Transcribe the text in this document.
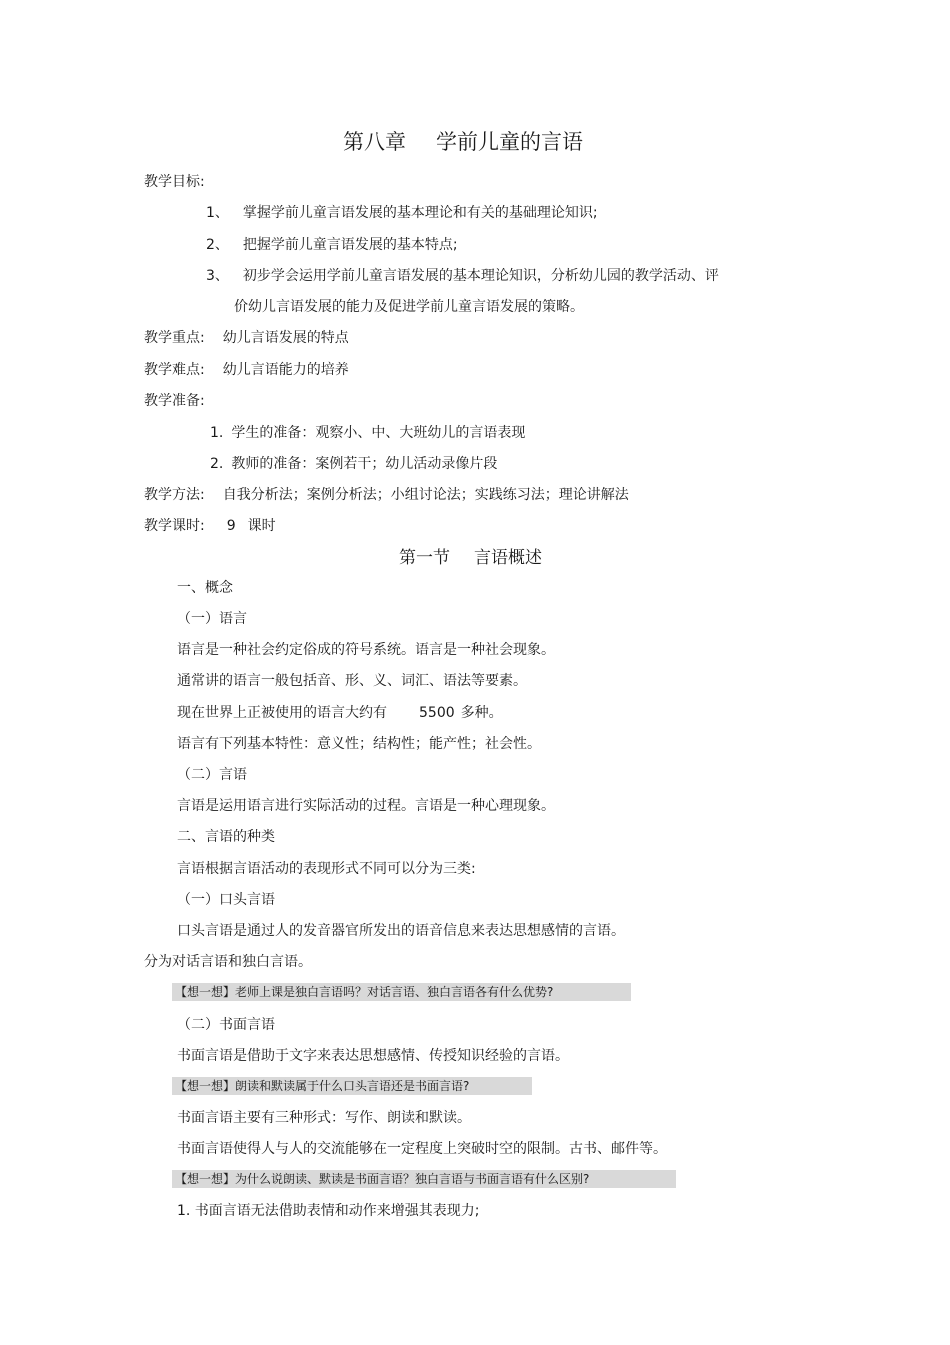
第八章 学前儿童的言语
教学目标:
1、 掌握学前儿童言语发展的基本理论和有关的基础理论知识;
2、 把握学前儿童言语发展的基本特点;
3、 初步学会运用学前儿童言语发展的基本理论知识，分析幼儿园的教学活动、评
价幼儿言语发展的能力及促进学前儿童言语发展的策略。
教学重点: 幼儿言语发展的特点
教学难点: 幼儿言语能力的培养
教学准备:
1. 学生的准备：观察小、中、大班幼儿的言语表现
2. 教师的准备：案例若干；幼儿活动录像片段
教学方法: 自我分析法；案例分析法；小组讨论法；实践练习法；理论讲解法
教学课时: 9 课时
第一节 言语概述
一、概念
（一）语言
语言是一种社会约定俗成的符号系统。语言是一种社会现象。
通常讲的语言一般包括音、形、义、词汇、语法等要素。
现在世界上正被使用的语言大约有 5500 多种。
语言有下列基本特性：意义性；结构性；能产性；社会性。
（二）言语
言语是运用语言进行实际活动的过程。言语是一种心理现象。
二、言语的种类
言语根据言语活动的表现形式不同可以分为三类:
（一）口头言语
口头言语是通过人的发音器官所发出的语音信息来表达思想感情的言语。
分为对话言语和独白言语。
【想一想】老师上课是独白言语吗？对话言语、独白言语各有什么优势?
（二）书面言语
书面言语是借助于文字来表达思想感情、传授知识经验的言语。
【想一想】朗读和默读属于什么口头言语还是书面言语?
书面言语主要有三种形式：写作、朗读和默读。
书面言语使得人与人的交流能够在一定程度上突破时空的限制。古书、邮件等。
【想一想】为什么说朗读、默读是书面言语？独白言语与书面言语有什么区别?
1. 书面言语无法借助表情和动作来增强其表现力;
